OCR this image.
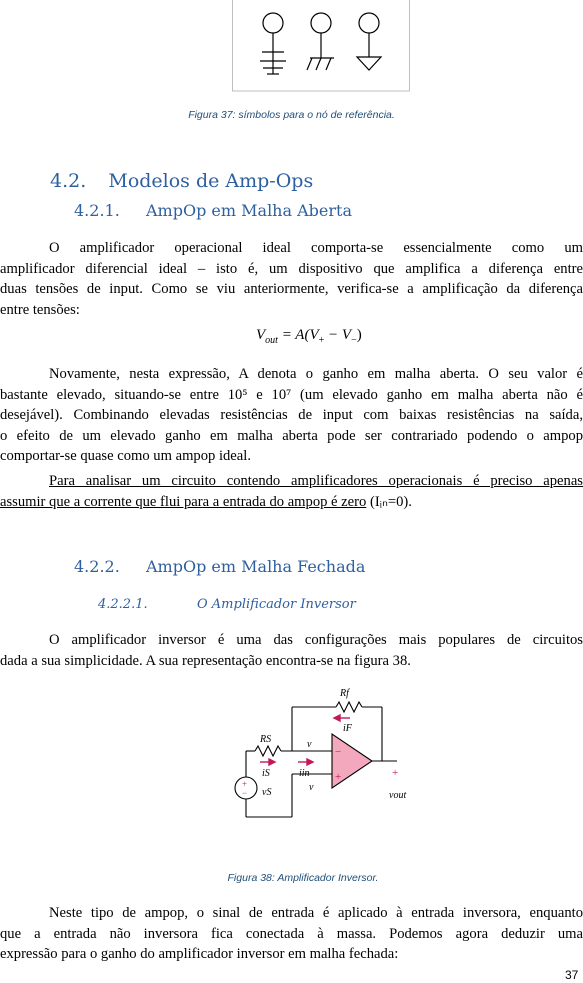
Figura 37: símbolos para o nó de referência.
4.2. Modelos de Amp-Ops
4.2.1. AmpOp em Malha Aberta
O amplificador operacional ideal comporta-se essencialmente como um
amplificador diferencial ideal – isto é, um dispositivo que amplifica a diferença entre
duas tensões de input. Como se viu anteriormente, verifica-se a amplificação da diferença
entre tensões:
$V_{out} = A(V_+ - V_-)$
Novamente, nesta expressão, A denota o ganho em malha aberta. O seu valor é
bastante elevado, situando-se entre 10⁵ e 10⁷ (um elevado ganho em malha aberta não é
desejável). Combinando elevadas resistências de input com baixas resistências na saída,
o efeito de um elevado ganho em malha aberta pode ser contrariado podendo o ampop
comportar-se quase como um ampop ideal.
Para analisar um circuito contendo amplificadores operacionais é preciso apenas
assumir que a corrente que flui para a entrada do ampop é zero (Iᵢₙ=0).
4.2.2. AmpOp em Malha Fechada
4.2.2.1.	O Amplificador Inversor
O amplificador inversor é uma das configurações mais populares de circuitos
dada a sua simplicidade. A sua representação encontra-se na figura 38.
Rf
iF
RS	v
iS	iin
vS	v
vout
−
+	+
+
−
Figura 38: Amplificador Inversor.
Neste tipo de ampop, o sinal de entrada é aplicado à entrada inversora, enquanto
que a entrada não inversora fica conectada à massa. Podemos agora deduzir uma
expressão para o ganho do amplificador inversor em malha fechada:
37
